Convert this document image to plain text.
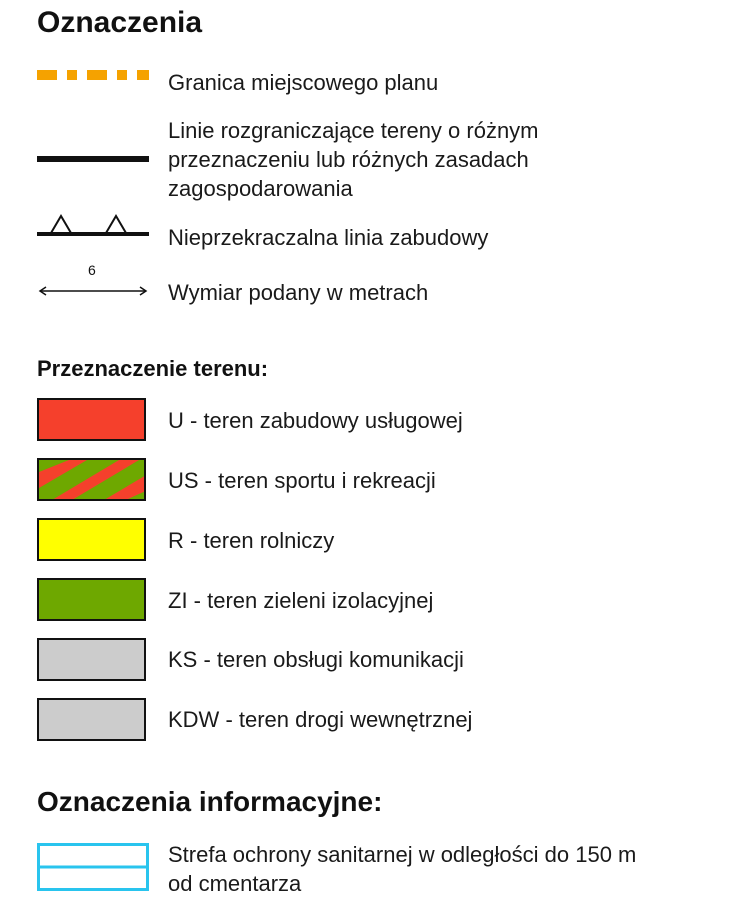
Oznaczenia
Granica miejscowego planu
Linie rozgraniczające tereny o różnym
przeznaczeniu lub różnych zasadach
zagospodarowania
Nieprzekraczalna linia zabudowy
6
Wymiar podany w metrach
Przeznaczenie terenu:
U - teren zabudowy usługowej
US - teren sportu i rekreacji
R - teren rolniczy
ZI - teren zieleni izolacyjnej
KS - teren obsługi komunikacji
KDW - teren drogi wewnętrznej
Oznaczenia informacyjne:
Strefa ochrony sanitarnej w odległości do 150 m
od cmentarza
